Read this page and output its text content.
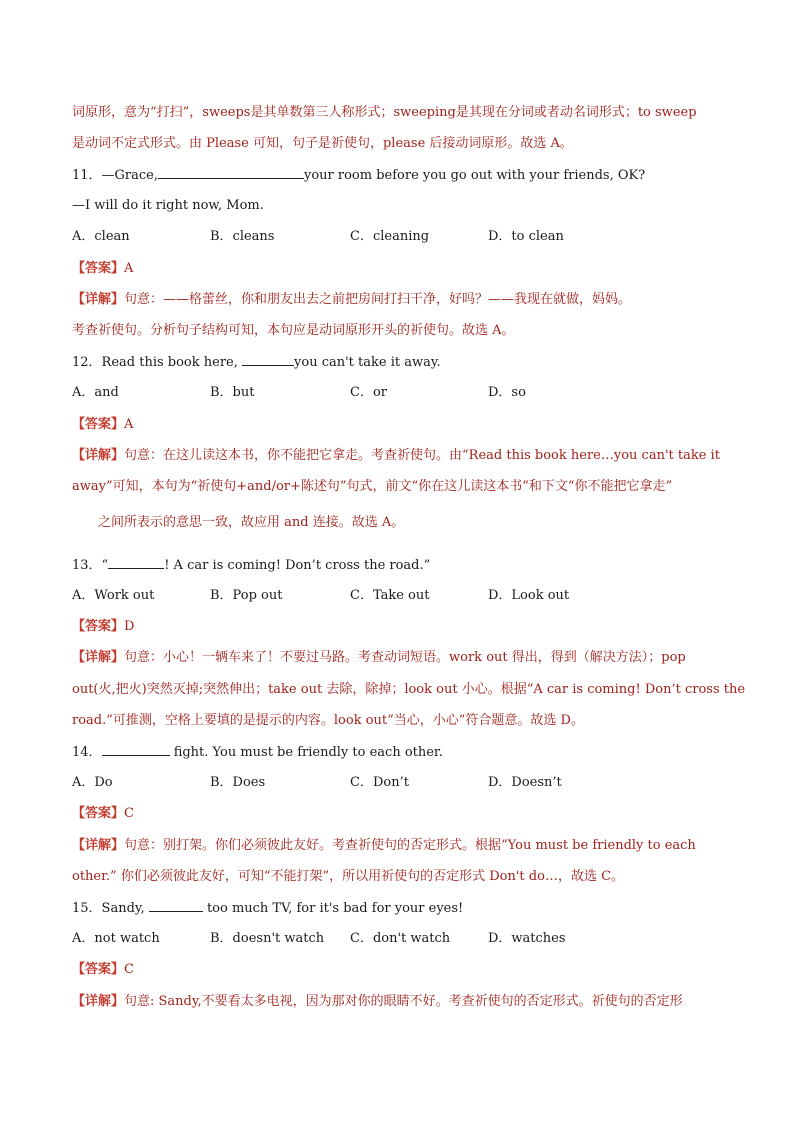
词原形，意为“打扫”，sweeps是其单数第三人称形式；sweeping是其现在分词或者动名词形式；to sweep
是动词不定式形式。由 Please 可知，句子是祈使句，please 后接动词原形。故选 A。
11．—Grace,	your room before you go out with your friends, OK?
—I will do it right now, Mom.
A．clean	B．cleans	C．cleaning	D．to clean
【答案】A
【详解】句意：——格蕾丝，你和朋友出去之前把房间打扫干净，好吗？——我现在就做，妈妈。
考查祈使句。分析句子结构可知，本句应是动词原形开头的祈使句。故选 A。
12．Read this book here,	you can't take it away.
A．and	B．but	C．or	D．so
【答案】A
【详解】句意：在这儿读这本书，你不能把它拿走。考查祈使句。由“Read this book here…you can't take it
away”可知，本句为“祈使句+and/or+陈述句”句式，前文“你在这儿读这本书”和下文“你不能把它拿走”
之间所表示的意思一致，故应用 and 连接。故选 A。
13．“	! A car is coming! Don’t cross the road.”
A．Work out	B．Pop out	C．Take out	D．Look out
【答案】D
【详解】句意：小心！一辆车来了！不要过马路。考查动词短语。work out 得出，得到（解决方法）；pop
out(火,把火)突然灭掉;突然伸出；take out 去除，除掉；look out 小心。根据“A car is coming! Don’t cross the
road.”可推测，空格上要填的是提示的内容。look out“当心，小心”符合题意。故选 D。
14．	fight. You must be friendly to each other.
A．Do	B．Does	C．Don’t	D．Doesn’t
【答案】C
【详解】句意：别打架。你们必须彼此友好。考查祈使句的否定形式。根据“You must be friendly to each
other.” 你们必须彼此友好，可知“不能打架”，所以用祈使句的否定形式 Don't do…，故选 C。
15．Sandy,	too much TV, for it's bad for your eyes!
A．not watch	B．doesn't watch C．don't watch	D．watches
【答案】C
【详解】句意: Sandy,不要看太多电视，因为那对你的眼睛不好。考查祈使句的否定形式。祈使句的否定形
